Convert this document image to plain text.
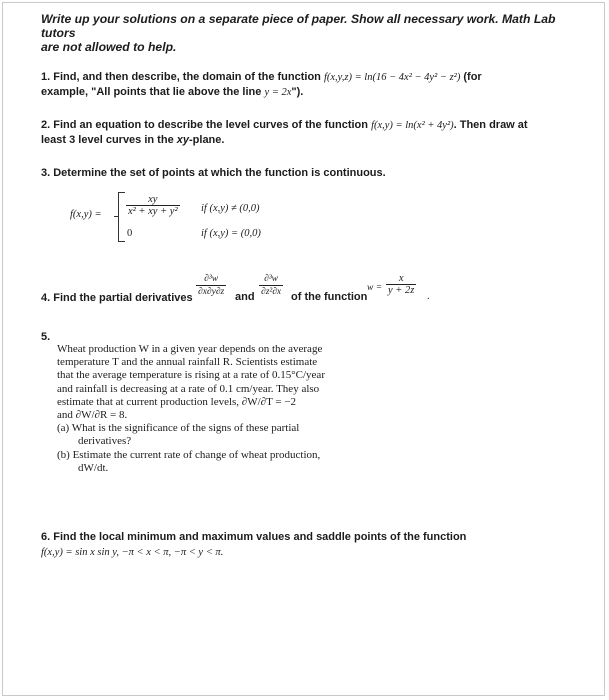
Write up your solutions on a separate piece of paper. Show all necessary work. Math Lab tutors
are not allowed to help.
1. Find, and then describe, the domain of the function f(x,y,z) = ln(16 − 4x² − 4y² − z²) (for
example, "All points that lie above the line y = 2x").
2. Find an equation to describe the level curves of the function f(x,y) = ln(x² + 4y²). Then draw at
least 3 level curves in the xy-plane.
3. Determine the set of points at which the function is continuous.
$f(x,y) = \frac{xy}{\text{x² + xy + y²}}$ if (x,y) ≠ (0,0)
0	if (x,y) = (0,0)
4. Find the partial derivatives $\frac{\text{∂³w}}{\partial x\partial y\partial z}$ and $\frac{\text{∂³w}}{\text{∂z²∂x}}$ of the function
$w = \frac{x}{y + 2z}$ .
5.
Wheat production W in a given year depends on the average
temperature T and the annual rainfall R. Scientists estimate
that the average temperature is rising at a rate of 0.15°C/year
and rainfall is decreasing at a rate of 0.1 cm/year. They also
estimate that at current production levels, ∂W/∂T = −2
and ∂W/∂R = 8.
(a) What is the significance of the signs of these partial
derivatives?
(b) Estimate the current rate of change of wheat production,
dW/dt.
6. Find the local minimum and maximum values and saddle points of the function
f(x,y) = sin x sin y, −π < x < π, −π < y < π.
